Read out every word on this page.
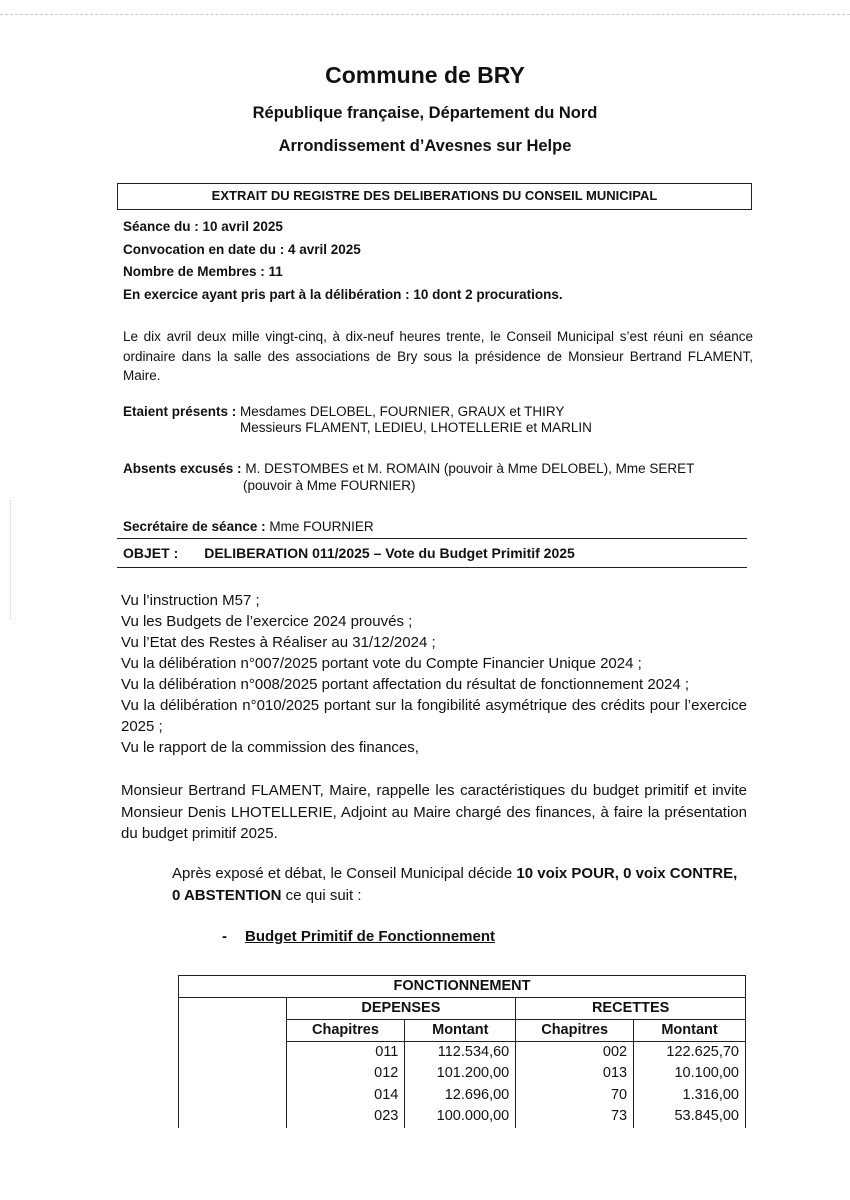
Commune de BRY
République française, Département du Nord
Arrondissement d’Avesnes sur Helpe
EXTRAIT DU REGISTRE DES DELIBERATIONS DU CONSEIL MUNICIPAL
Séance du : 10 avril 2025
Convocation en date du : 4 avril 2025
Nombre de Membres : 11
En exercice ayant pris part à la délibération : 10 dont 2 procurations.
Le dix avril deux mille vingt-cinq, à dix-neuf heures trente, le Conseil Municipal s’est réuni en séance ordinaire dans la salle des associations de Bry sous la présidence de Monsieur Bertrand FLAMENT, Maire.
Etaient présents : Mesdames DELOBEL, FOURNIER, GRAUX et THIRY
Messieurs FLAMENT, LEDIEU, LHOTELLERIE et MARLIN
Absents excusés : M. DESTOMBES et M. ROMAIN (pouvoir à Mme DELOBEL), Mme SERET
(pouvoir à Mme FOURNIER)
Secrétaire de séance : Mme FOURNIER
OBJET : DELIBERATION 011/2025 – Vote du Budget Primitif 2025
Vu l’instruction M57 ;
Vu les Budgets de l’exercice 2024 prouvés ;
Vu l’Etat des Restes à Réaliser au 31/12/2024 ;
Vu la délibération n°007/2025 portant vote du Compte Financier Unique 2024 ;
Vu la délibération n°008/2025 portant affectation du résultat de fonctionnement 2024 ;
Vu la délibération n°010/2025 portant sur la fongibilité asymétrique des crédits pour l’exercice 2025 ;
Vu le rapport de la commission des finances,
Monsieur Bertrand FLAMENT, Maire, rappelle les caractéristiques du budget primitif et invite Monsieur Denis LHOTELLERIE, Adjoint au Maire chargé des finances, à faire la présentation du budget primitif 2025.
Après exposé et débat, le Conseil Municipal décide 10 voix POUR, 0 voix CONTRE, 0 ABSTENTION ce qui suit :
- Budget Primitif de Fonctionnement
FONCTIONNEMENT				
	DEPENSES		RECETTES	
	Chapitres	Montant	Chapitres	Montant
	011	112.534,60	002	122.625,70
	012	101.200,00	013	10.100,00
	014	12.696,00	70	1.316,00
	023	100.000,00	73	53.845,00
